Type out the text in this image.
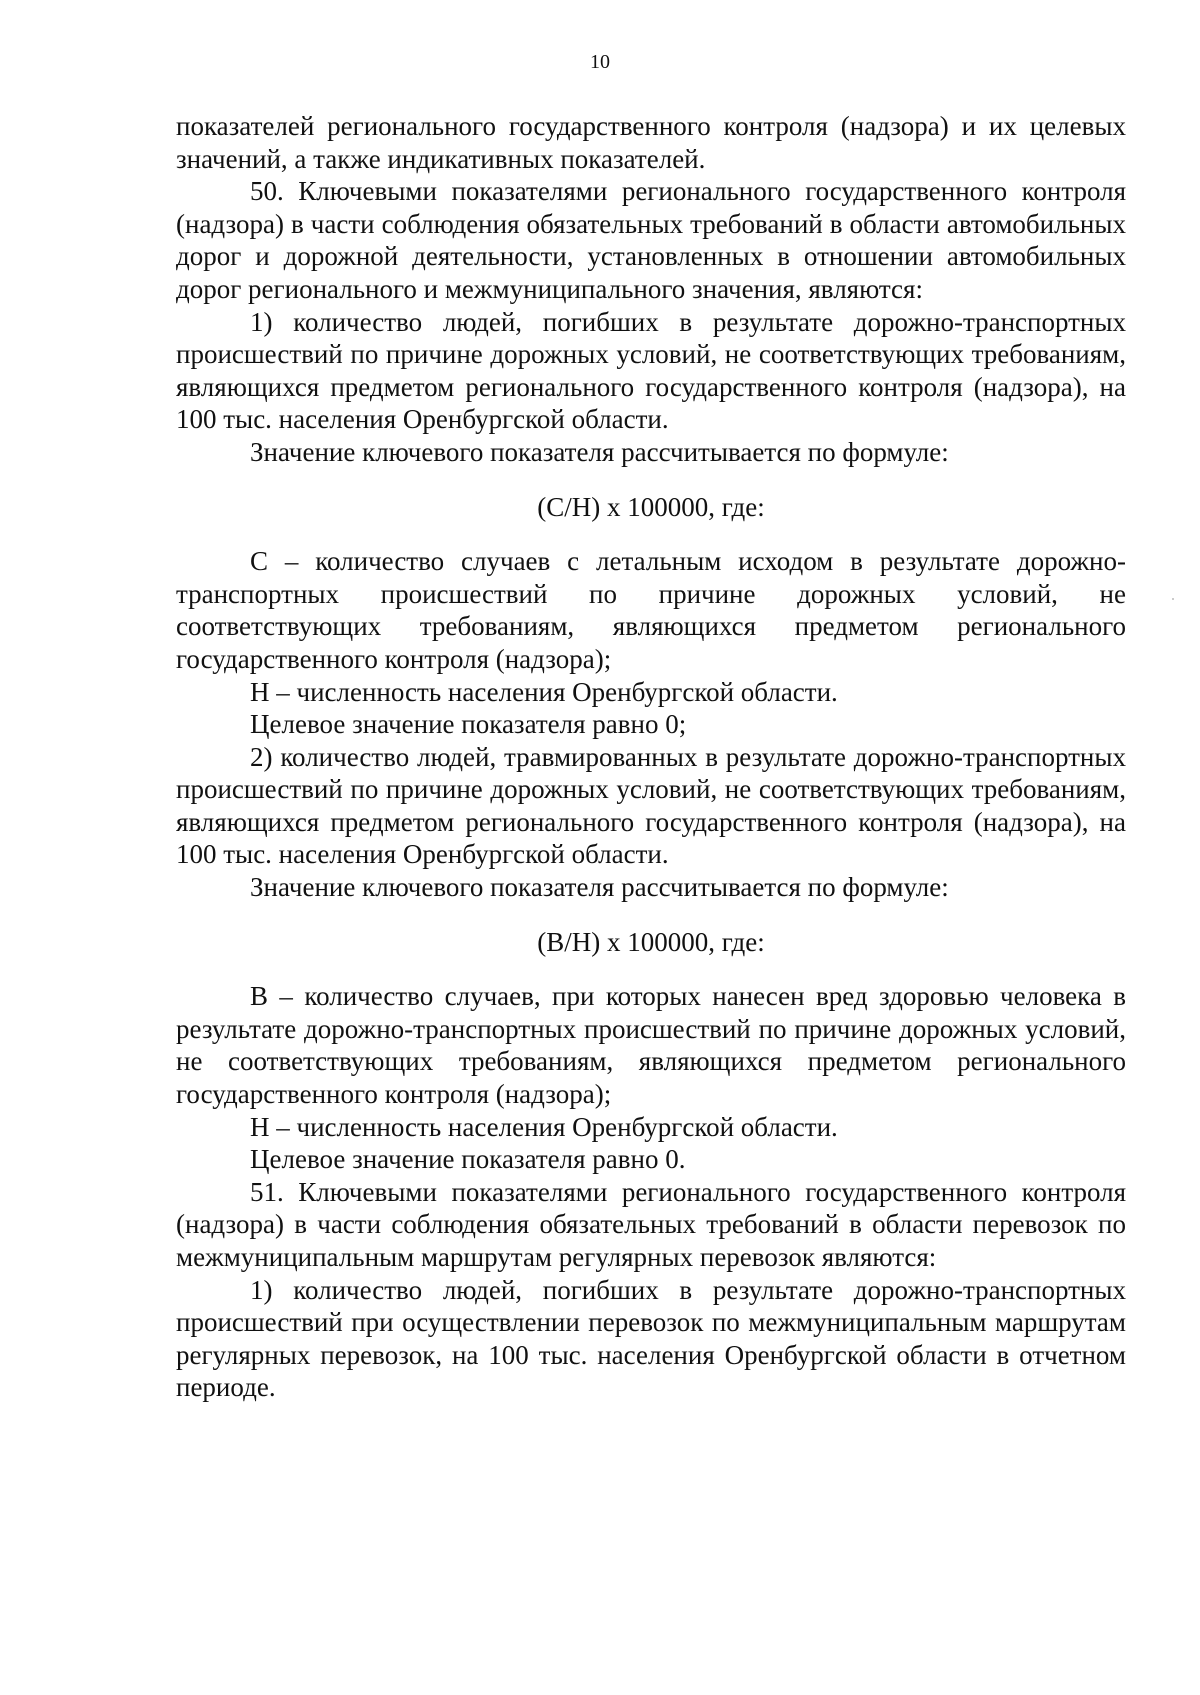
10

показателей регионального государственного контроля (надзора) и их целевых значений, а также индикативных показателей.

50. Ключевыми показателями регионального государственного контроля (надзора) в части соблюдения обязательных требований в области автомобильных дорог и дорожной деятельности, установленных в отношении автомобильных дорог регионального и межмуниципального значения, являются:

1) количество людей, погибших в результате дорожно-транспортных происшествий по причине дорожных условий, не соответствующих требованиям, являющихся предметом регионального государственного контроля (надзора), на 100 тыс. населения Оренбургской области.

Значение ключевого показателя рассчитывается по формуле:

(С/Н) х 100000, где:

С – количество случаев с летальным исходом в результате дорожно-транспортных происшествий по причине дорожных условий, не соответствующих требованиям, являющихся предметом регионального государственного контроля (надзора);

Н – численность населения Оренбургской области.

Целевое значение показателя равно 0;

2) количество людей, травмированных в результате дорожно-транспортных происшествий по причине дорожных условий, не соответствующих требованиям, являющихся предметом регионального государственного контроля (надзора), на 100 тыс. населения Оренбургской области.

Значение ключевого показателя рассчитывается по формуле:

(В/Н) х 100000, где:

В – количество случаев, при которых нанесен вред здоровью человека в результате дорожно-транспортных происшествий по причине дорожных условий, не соответствующих требованиям, являющихся предметом регионального государственного контроля (надзора);

Н – численность населения Оренбургской области.

Целевое значение показателя равно 0.

51. Ключевыми показателями регионального государственного контроля (надзора) в части соблюдения обязательных требований в области перевозок по межмуниципальным маршрутам регулярных перевозок являются:

1) количество людей, погибших в результате дорожно-транспортных происшествий при осуществлении перевозок по межмуниципальным маршрутам регулярных перевозок, на 100 тыс. населения Оренбургской области в отчетном периоде.
